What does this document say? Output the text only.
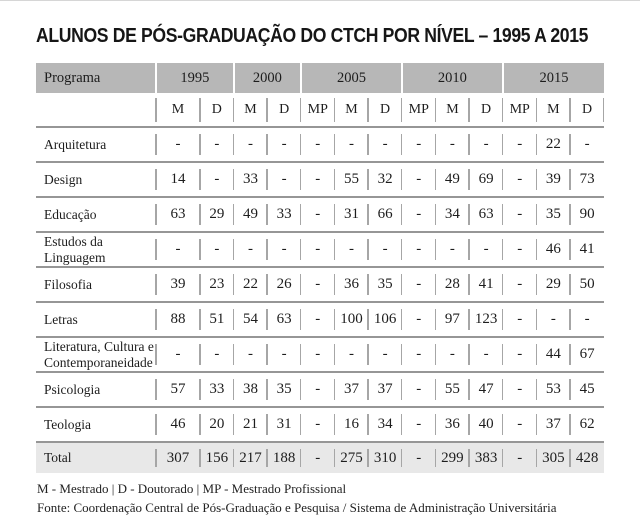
ALUNOS DE PÓS-GRADUAÇÃO DO CTCH POR NÍVEL – 1995 A 2015
Programa	1995		2000		2005			2010			2015		
	M	D	M	D	MP	M	D	MP	M	D	MP	M	D
Arquitetura	-	-	-	-	-	-	-	-	-	-	-	22	-
Design	14	-	33	-	-	55	32	-	49	69	-	39	73
Educação	63	29	49	33	-	31	66	-	34	63	-	35	90
Estudos da Linguagem	-	-	-	-	-	-	-	-	-	-	-	46	41
Filosofia	39	23	22	26	-	36	35	-	28	41	-	29	50
Letras	88	51	54	63	-	100	106	-	97	123	-	-	-
Literatura, Cultura e Contemporaneidade	-	-	-	-	-	-	-	-	-	-	-	44	67
Psicologia	57	33	38	35	-	37	37	-	55	47	-	53	45
Teologia	46	20	21	31	-	16	34	-	36	40	-	37	62
Total	307	156	217	188	-	275	310	-	299	383	-	305	428
M - Mestrado | D - Doutorado | MP - Mestrado Profissional
Fonte: Coordenação Central de Pós-Graduação e Pesquisa / Sistema de Administração Universitária
